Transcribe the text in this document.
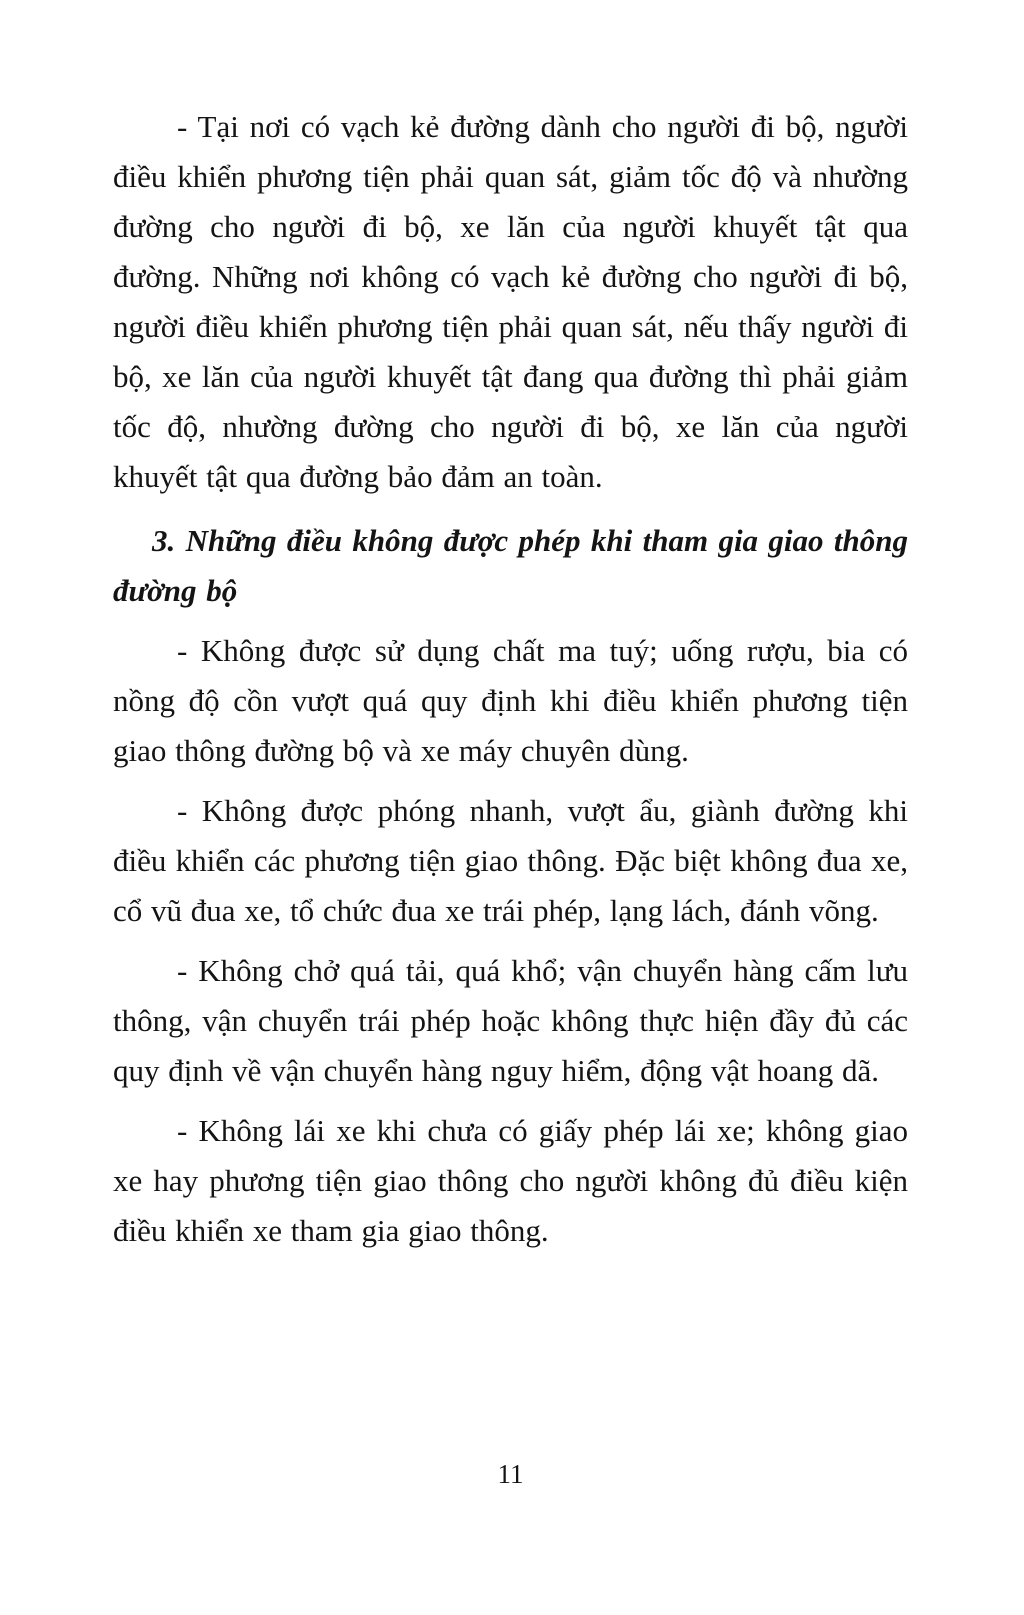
- Tại nơi có vạch kẻ đường dành cho người đi bộ, người điều khiển phương tiện phải quan sát, giảm tốc độ và nhường đường cho người đi bộ, xe lăn của người khuyết tật qua đường. Những nơi không có vạch kẻ đường cho người đi bộ, người điều khiển phương tiện phải quan sát, nếu thấy người đi bộ, xe lăn của người khuyết tật đang qua đường thì phải giảm tốc độ, nhường đường cho người đi bộ, xe lăn của người khuyết tật qua đường bảo đảm an toàn.

3. Những điều không được phép khi tham gia giao thông đường bộ

- Không được sử dụng chất ma tuý; uống rượu, bia có nồng độ cồn vượt quá quy định khi điều khiển phương tiện giao thông đường bộ và xe máy chuyên dùng.

- Không được phóng nhanh, vượt ẩu, giành đường khi điều khiển các phương tiện giao thông. Đặc biệt không đua xe, cổ vũ đua xe, tổ chức đua xe trái phép, lạng lách, đánh võng.

- Không chở quá tải, quá khổ; vận chuyển hàng cấm lưu thông, vận chuyển trái phép hoặc không thực hiện đầy đủ các quy định về vận chuyển hàng nguy hiểm, động vật hoang dã.

- Không lái xe khi chưa có giấy phép lái xe; không giao xe hay phương tiện giao thông cho người không đủ điều kiện điều khiển xe tham gia giao thông.

11
